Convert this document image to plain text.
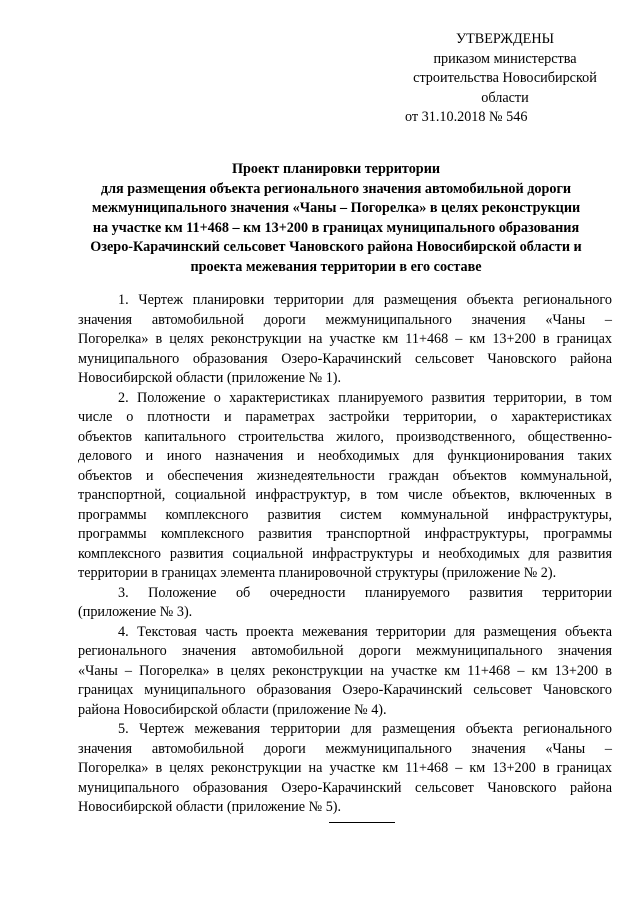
УТВЕРЖДЕНЫ
приказом министерства
строительства Новосибирской
области
от 31.10.2018 № 546
Проект планировки территории
для размещения объекта регионального значения автомобильной дороги
межмуниципального значения «Чаны – Погорелка» в целях реконструкции
на участке км 11+468 – км 13+200 в границах муниципального образования
Озеро-Карачинский сельсовет Чановского района Новосибирской области и
проекта межевания территории в его составе

1. Чертеж планировки территории для размещения объекта регионального
значения автомобильной дороги межмуниципального значения «Чаны –
Погорелка» в целях реконструкции на участке км 11+468 – км 13+200 в границах
муниципального образования Озеро-Карачинский сельсовет Чановского района
Новосибирской области (приложение № 1).

2. Положение о характеристиках планируемого развития территории, в том
числе о плотности и параметрах застройки территории, о характеристиках
объектов капитального строительства жилого, производственного, общественно-
делового и иного назначения и необходимых для функционирования таких
объектов и обеспечения жизнедеятельности граждан объектов коммунальной,
транспортной, социальной инфраструктур, в том числе объектов, включенных в
программы комплексного развития систем коммунальной инфраструктуры,
программы комплексного развития транспортной инфраструктуры, программы
комплексного развития социальной инфраструктуры и необходимых для развития
территории в границах элемента планировочной структуры (приложение № 2).

3. Положение об очередности планируемого развития территории
(приложение № 3).

4. Текстовая часть проекта межевания территории для размещения объекта
регионального значения автомобильной дороги межмуниципального значения
«Чаны – Погорелка» в целях реконструкции на участке км 11+468 – км 13+200 в
границах муниципального образования Озеро-Карачинский сельсовет Чановского
района Новосибирской области (приложение № 4).

5. Чертеж межевания территории для размещения объекта регионального
значения автомобильной дороги межмуниципального значения «Чаны –
Погорелка» в целях реконструкции на участке км 11+468 – км 13+200 в границах
муниципального образования Озеро-Карачинский сельсовет Чановского района
Новосибирской области (приложение № 5).
